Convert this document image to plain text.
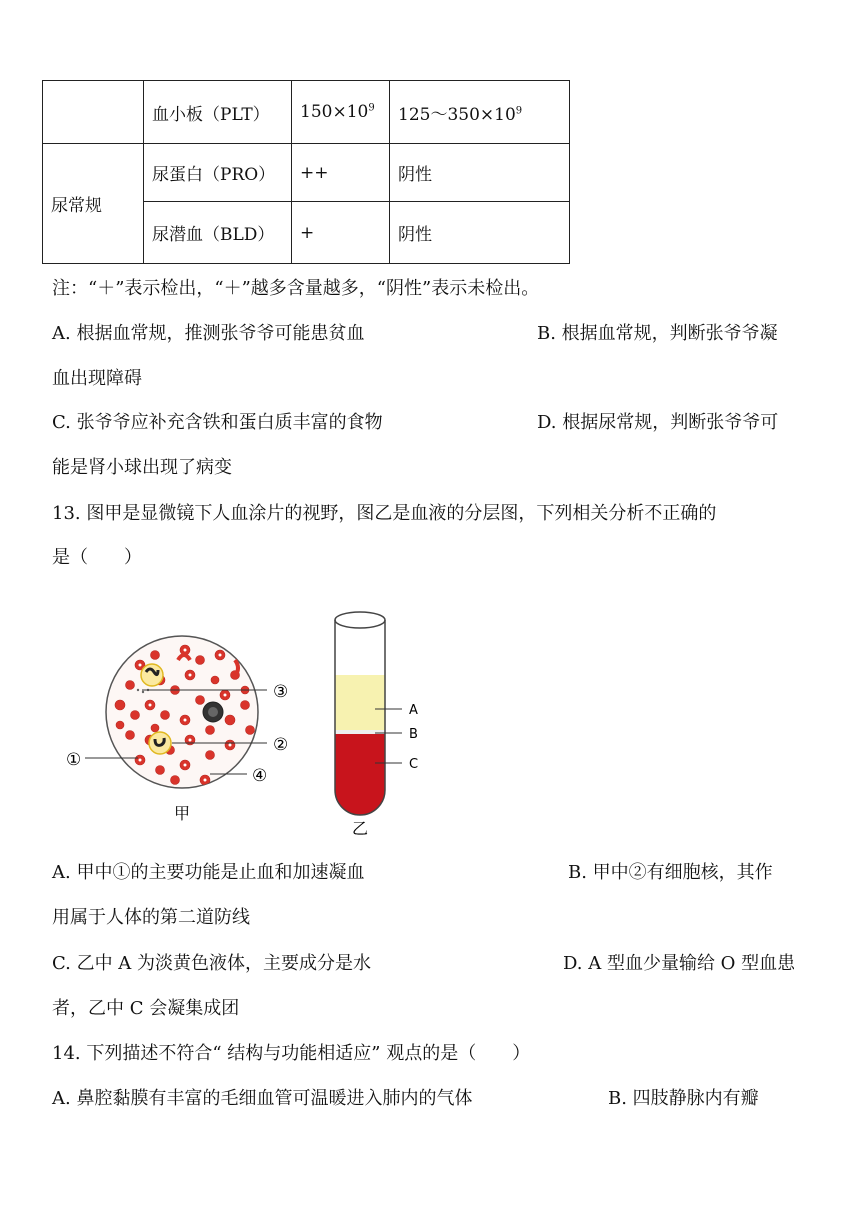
	血小板（PLT）	$150\times 10^9$	$125\sim 350\times 10^9$
尿常规	尿蛋白（PRO）	++	阴性
	尿潜血（BLD）	+	阴性
注：“＋”表示检出，“＋”越多含量越多，“阴性”表示未检出。
A. 根据血常规，推测张爷爷可能患贫血	B. 根据血常规，判断张爷爷凝
血出现障碍
C. 张爷爷应补充含铁和蛋白质丰富的食物	D. 根据尿常规，判断张爷爷可
能是肾小球出现了病变
13. 图甲是显微镜下人血涂片的视野，图乙是血液的分层图，下列相关分析不正确的
是（　　）
③
②
①
④
甲
A
B
C
乙
A. 甲中①的主要功能是止血和加速凝血	B. 甲中②有细胞核，其作
用属于人体的第二道防线
C. 乙中 A 为淡黄色液体，主要成分是水	D. A 型血少量输给 O 型血患
者，乙中 C 会凝集成团
14. 下列描述不符合“ 结构与功能相适应” 观点的是（　　）
A. 鼻腔黏膜有丰富的毛细血管可温暖进入肺内的气体	B. 四肢静脉内有瓣
